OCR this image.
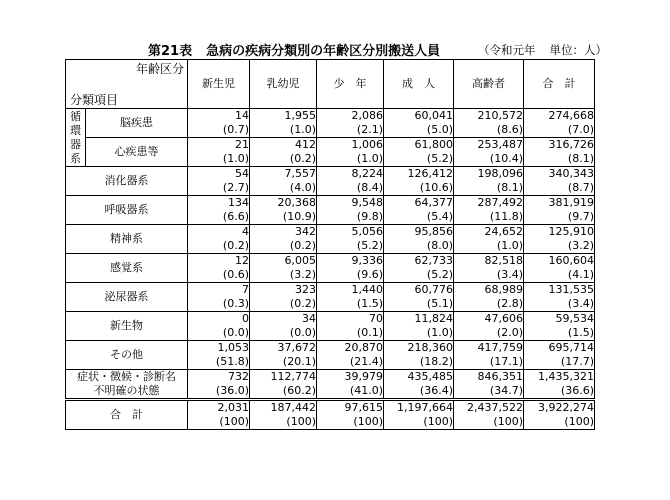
第21表 急病の疾病分類別の年齢区分別搬送人員	（令和元年 単位：人）
年齢区分
分類項目		新生児	乳幼児	少　年	成　人	高齢者	合　計
循
環
器
系	脳疾患	14	1,955	2,086	60,041	210,572	274,668
		(0.7)	(1.0)	(2.1)	(5.0)	(8.6)	(7.0)
	心疾患等	21	412	1,006	61,800	253,487	316,726
		(1.0)	(0.2)	(1.0)	(5.2)	(10.4)	(8.1)
消化器系		54	7,557	8,224	126,412	198,096	340,343
		(2.7)	(4.0)	(8.4)	(10.6)	(8.1)	(8.7)
呼吸器系		134	20,368	9,548	64,377	287,492	381,919
		(6.6)	(10.9)	(9.8)	(5.4)	(11.8)	(9.7)
精神系		4	342	5,056	95,856	24,652	125,910
		(0.2)	(0.2)	(5.2)	(8.0)	(1.0)	(3.2)
感覚系		12	6,005	9,336	62,733	82,518	160,604
		(0.6)	(3.2)	(9.6)	(5.2)	(3.4)	(4.1)
泌尿器系		7	323	1,440	60,776	68,989	131,535
		(0.3)	(0.2)	(1.5)	(5.1)	(2.8)	(3.4)
新生物		0	34	70	11,824	47,606	59,534
		(0.0)	(0.0)	(0.1)	(1.0)	(2.0)	(1.5)
その他		1,053	37,672	20,870	218,360	417,759	695,714
		(51.8)	(20.1)	(21.4)	(18.2)	(17.1)	(17.7)
症状・徴候・診断名
不明確の状態		732	112,774	39,979	435,485	846,351	1,435,321
		(36.0)	(60.2)	(41.0)	(36.4)	(34.7)	(36.6)
合　計		2,031	187,442	97,615	1,197,664	2,437,522	3,922,274
		(100)	(100)	(100)	(100)	(100)	(100)
